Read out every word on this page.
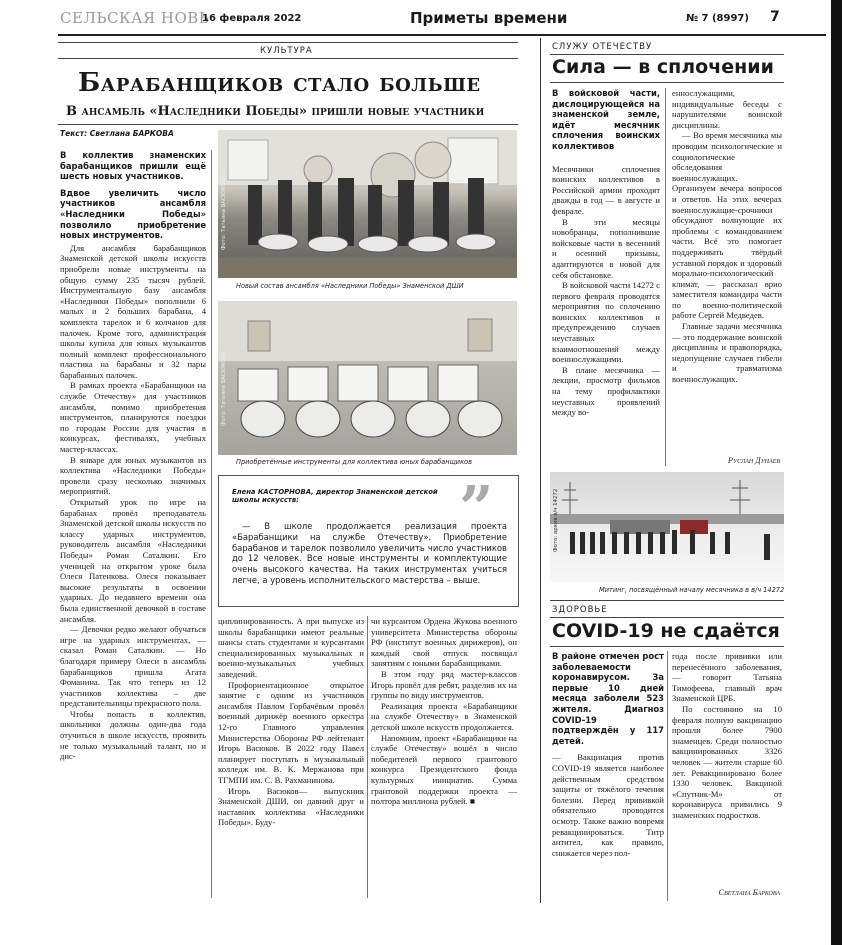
СЕЛЬСКАЯ НОВЬ
16 февраля 2022	Приметы времени	№ 7 (8997) 7
КУЛЬТУРА
Барабанщиков стало больше
В ансамбль «Наследники Победы» пришли новые участники
Текст: Светлана БАРКОВА

В коллектив знаменских барабанщиков пришли ещё шесть новых участников.

Вдвое увеличить число участников ансамбля «Наследники Победы» позволило приобретение новых инструментов.

Для ансамбля барабанщиков Знаменской детской школы искусств приобрели новые инструменты на общую сумму 235 тысяч рублей. Инструментальную базу ансамбля «Наследники Победы» пополнили 6 малых и 2 больших барабана, 4 комплекта тарелок и 6 колчанов для палочек. Кроме того, администрация школы купила для юных музыкантов полный комплект профессионального пластика на барабаны и 32 пары барабанных палочек.

В рамках проекта «Барабанщики на службе Отечеству» для участников ансамбля, помимо приобретения инструментов, планируются поездки по городам России для участия в конкурсах, фестивалях, учебных мастер-классах.

В январе для юных музыкантов из коллектива «Наследники Победы» провели сразу несколько значимых мероприятий.

Открытый урок по игре на барабанах провёл преподаватель Знаменской детской школы искусств по классу ударных инструментов, руководитель ансамбля «Наследники Победы» Роман Саталкин. Его ученицей на открытом уроке была Олеся Патенкова. Олеся показывает высокие результаты в освоении ударных. До недавнего времени она была единственной девочкой в составе ансамбля.

— Девочки редко желают обучаться игре на ударных инструментах, — сказал Роман Саталкин. — Но благодаря примеру Олеси в ансамбль барабанщиков пришла Агата Фоманина. Так что теперь из 12 участников коллектива – две представительницы прекрасного пола.

Чтобы попасть в коллектив, школьники должны один-два года отучиться в школе искусств, проявить не только музыкальный талант, но и дис-

Фото: Татьяна ВАСЮКОВА
Новый состав ансамбля «Наследники Победы» Знаменской ДШИ
Фото: Татьяна ВАСЮКОВА
Приобретённые инструменты для коллектива юных барабанщиков
Елена КАСТОРНОВА, директор Знаменской детской школы искусств:	”
— В школе продолжается реализация проекта «Барабанщики на службе Отечеству». Приобретение барабанов и тарелок позволило увеличить число участников до 12 человек. Все новые инструменты и комплектующие очень высокого качества. На таких инструментах учиться легче, а уровень исполнительского мастерства – выше.

циплинированность. А при выпуске из школы барабанщики имеют реальные шансы стать студентами и курсантами специализированных музыкальных и военно-музыкальных учебных заведений.

Профориентационное открытое занятие с одним из участников ансамбля Павлом Горбачёвым провёл военный дирижёр военного оркестра 12-го Главного управления Министерства Обороны РФ лейтенант Игорь Васюков. В 2022 году Павел планирует поступать в музыкальный колледж им. В. К. Мержанова при ТГМПИ им. С. В. Рахманинова.

Игорь Васюков— выпускник Знаменской ДШИ, он давний друг и наставник коллектива «Наследники Победы». Буду-

чи курсантом Ордена Жукова военного университета Министерства обороны РФ (институт военных дирижеров), он каждый свой отпуск посвящал занятиям с юными барабанщиками.

В этом году ряд мастер-классов Игорь провёл для ребят, разделив их на группы по виду инструментов.

Реализация проекта «Барабанщики на службе Отечеству» в Знаменской детской школе искусств продолжается.

Напомним, проект «Барабанщики на службе Отечеству» вошёл в число победителей первого грантового конкурса Президентского фонда культурных инициатив. Сумма грантовой поддержки проекта — полтора миллиона рублей. ■

СЛУЖУ ОТЕЧЕСТВУ
Сила — в сплочении

В войсковой части, дислоцирующейся на знаменской земле, идёт месячник сплочения воинских коллективов

Месячники сплочения воинских коллективов в Российской армии проходят дважды в год — в августе и феврале.

В эти месяцы новобранцы, пополнившие войсковые части в весенний и осенний призывы, адаптируются в новой для себя обстановке.

В войсковой части 14272 с первого февраля проводятся мероприятия по сплочению воинских коллективов и предупреждению случаев неуставных взаимоотношений между военнослужащими.

В плане месячника — лекции, просмотр фильмов на тему профилактики неуставных проявлений между во-

еннослужащими, индивидуальные беседы с нарушителями воинской дисциплины.

— Во время месячника мы проводим психологические и социологические обследования военнослужащих. Организуем вечера вопросов и ответов. На этих вечерах военнослужащие-срочники обсуждают волнующие их проблемы с командованием части. Всё это помогает поддерживать твёрдый уставной порядок и здоровый морально-психологический климат, — рассказал врио заместителя командира части по военно-политической работе Сергей Медведев.

Главные задачи месячника — это поддержание воинской дисциплины и правопорядка, недопущение случаев гибели и травматизма военнослужащих.

Руслан Дунаев
Фото: архив в/ч 14272
Митинг, посвящённый началу месячника в в/ч 14272
ЗДОРОВЬЕ
COVID-19 не сдаётся

В районе отмечен рост заболеваемости коронавирусом. За первые 10 дней месяца заболели 523 жителя. Диагноз COVID-19 подтверждён у 117 детей.

— Вакцинация против COVID-19 является наиболее действенным средством защиты от тяжёлого течения болезни. Перед прививкой обязательно проводится осмотр. Также важно вовремя ревакцинироваться. Титр антител, как правило, снижается через пол-

года после прививки или перенесённого заболевания, — говорит Татьяна Тимофеева, главный врач Знаменской ЦРБ.

По состоянию на 10 февраля полную вакцинацию прошли более 7900 знаменцев. Среди полностью вакцинированных 3326 человек — жители старше 60 лет. Ревакцинировано более 1330 человек. Вакциной «Спутник-М» от коронавируса привились 9 знаменских подростков.

Светлана Баркова
